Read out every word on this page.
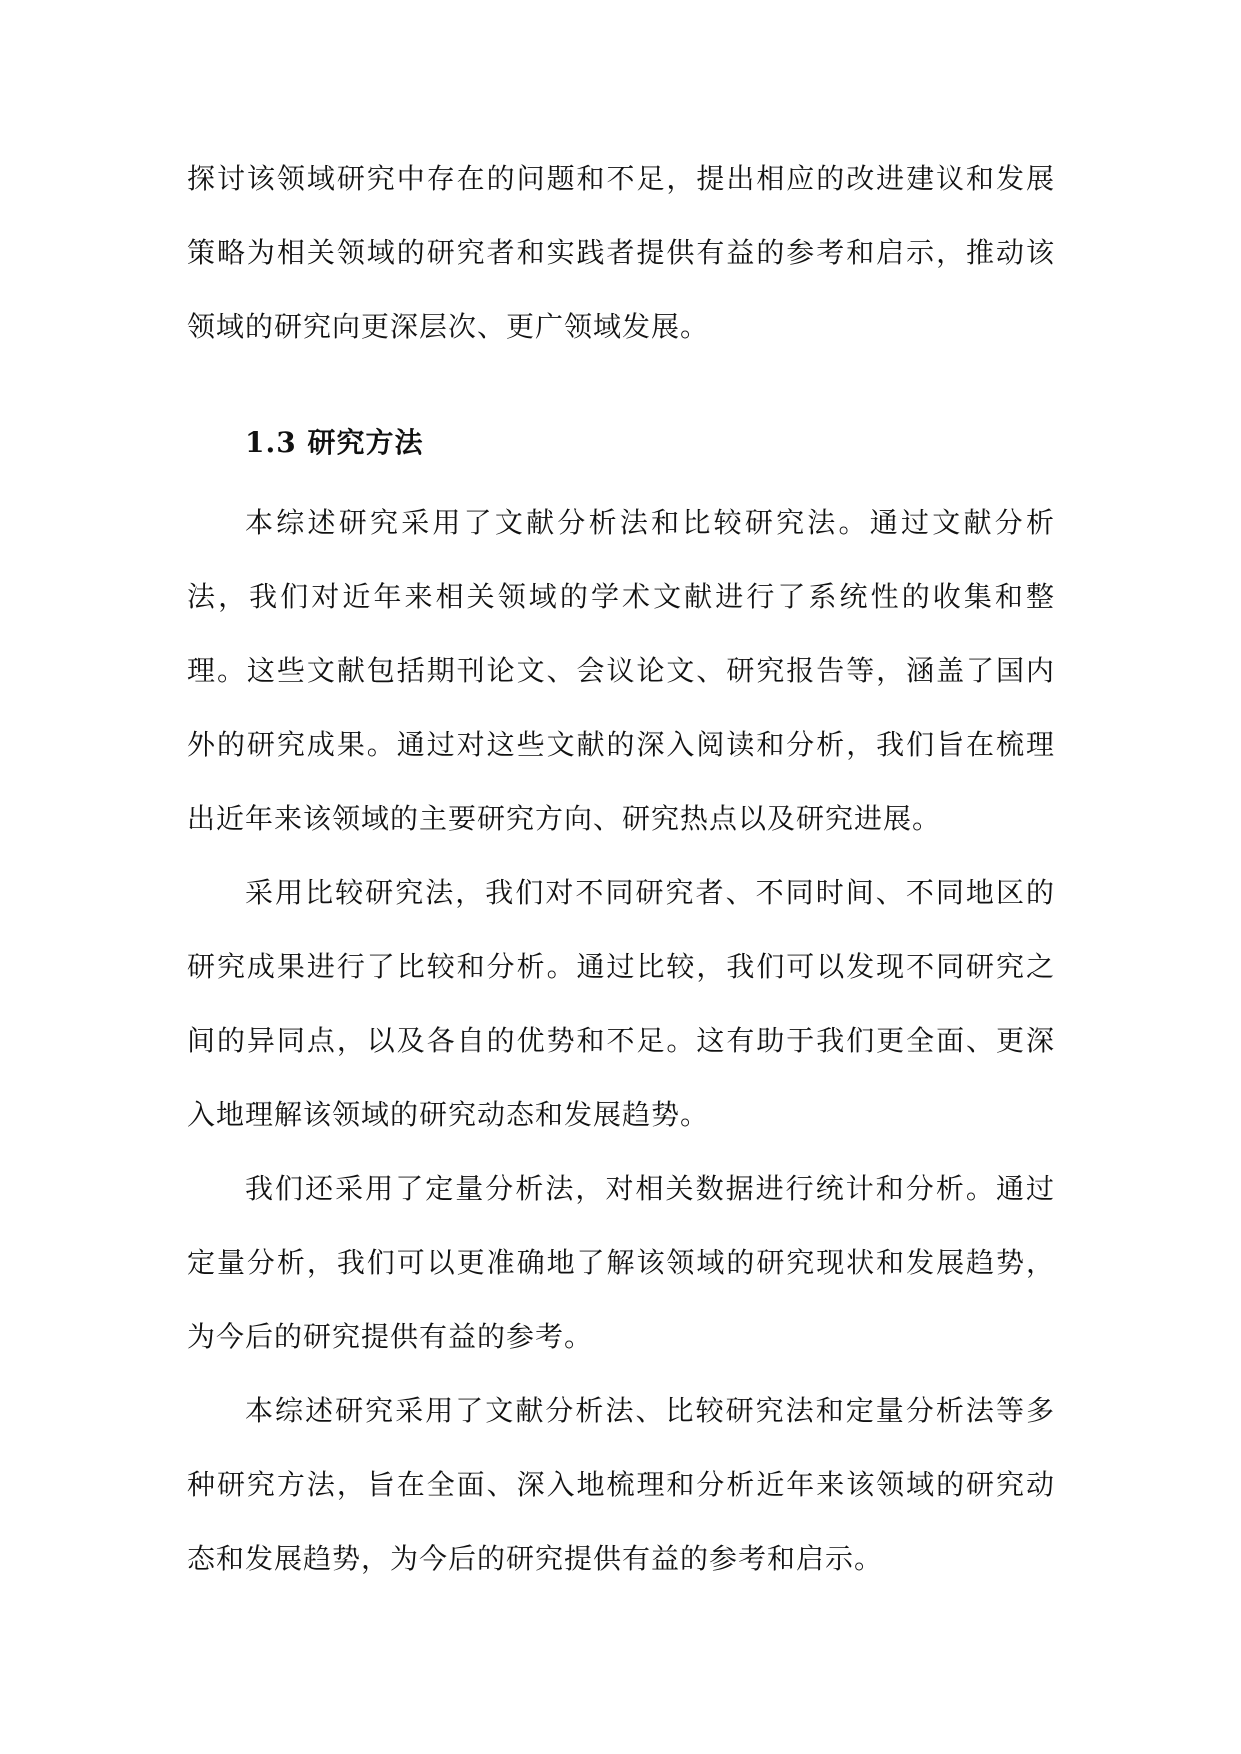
探讨该领域研究中存在的问题和不足，提出相应的改进建议和发展策略为相关领域的研究者和实践者提供有益的参考和启示，推动该领域的研究向更深层次、更广领域发展。

1.3 研究方法

本综述研究采用了文献分析法和比较研究法。通过文献分析法，我们对近年来相关领域的学术文献进行了系统性的收集和整理。这些文献包括期刊论文、会议论文、研究报告等，涵盖了国内外的研究成果。通过对这些文献的深入阅读和分析，我们旨在梳理出近年来该领域的主要研究方向、研究热点以及研究进展。

采用比较研究法，我们对不同研究者、不同时间、不同地区的研究成果进行了比较和分析。通过比较，我们可以发现不同研究之间的异同点，以及各自的优势和不足。这有助于我们更全面、更深入地理解该领域的研究动态和发展趋势。

我们还采用了定量分析法，对相关数据进行统计和分析。通过定量分析，我们可以更准确地了解该领域的研究现状和发展趋势，为今后的研究提供有益的参考。

本综述研究采用了文献分析法、比较研究法和定量分析法等多种研究方法，旨在全面、深入地梳理和分析近年来该领域的研究动态和发展趋势，为今后的研究提供有益的参考和启示。
